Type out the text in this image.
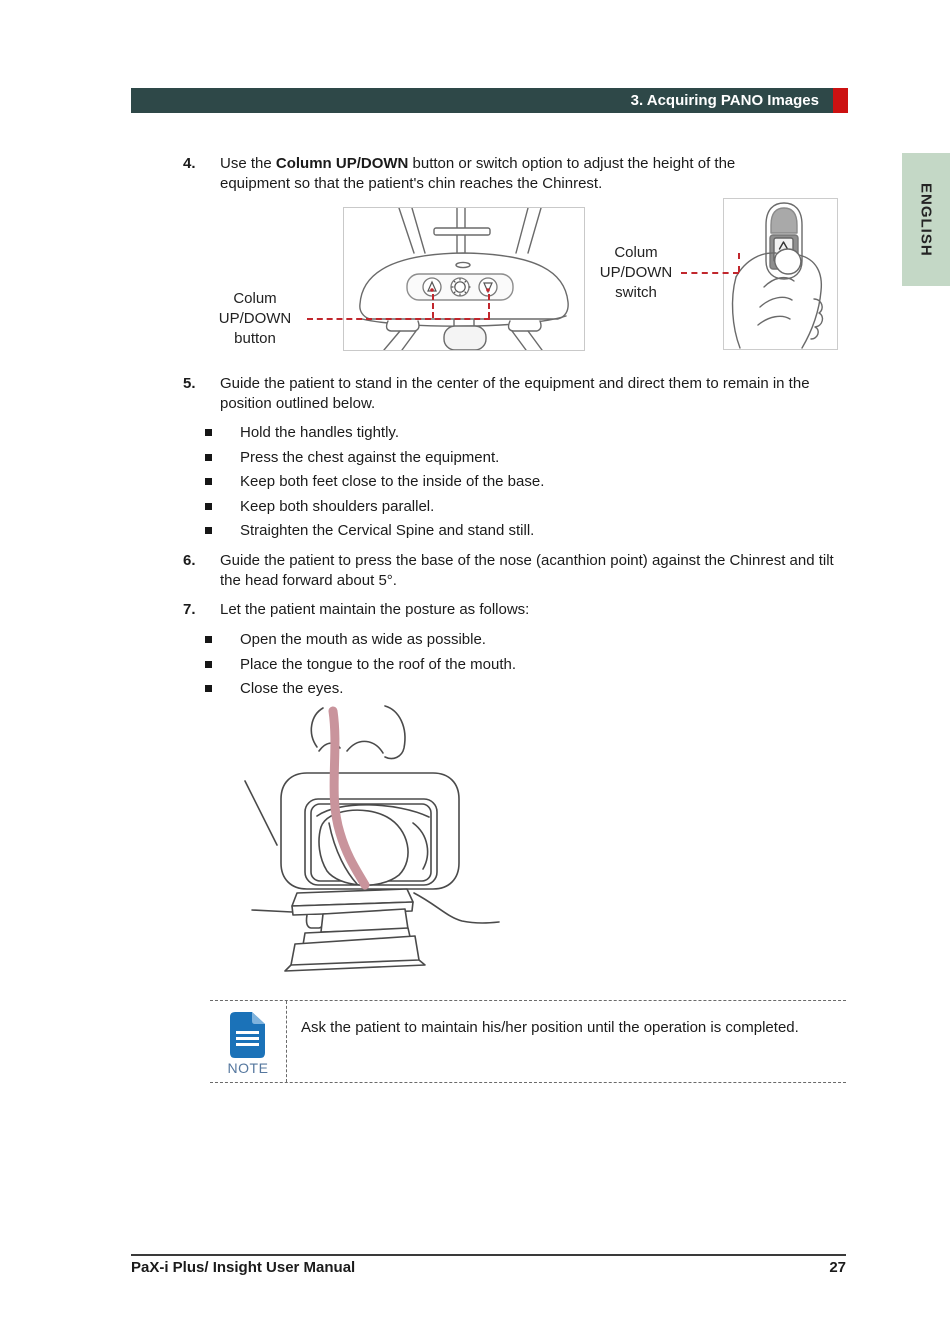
3. Acquiring PANO Images
ENGLISH
4.	Use the Column UP/DOWN button or switch option to adjust the height of the equipment so that the patient's chin reaches the Chinrest.
Colum
UP/DOWN
button
Colum
UP/DOWN
switch
5.	Guide the patient to stand in the center of the equipment and direct them to remain in the position outlined below.
Hold the handles tightly.
Press the chest against the equipment.
Keep both feet close to the inside of the base.
Keep both shoulders parallel.
Straighten the Cervical Spine and stand still.
6.	Guide the patient to press the base of the nose (acanthion point) against the Chinrest and tilt the head forward about 5°.
7.	Let the patient maintain the posture as follows:
Open the mouth as wide as possible.
Place the tongue to the roof of the mouth.
Close the eyes.
NOTE
Ask the patient to maintain his/her position until the operation is completed.
PaX-i Plus/ Insight User Manual	27
